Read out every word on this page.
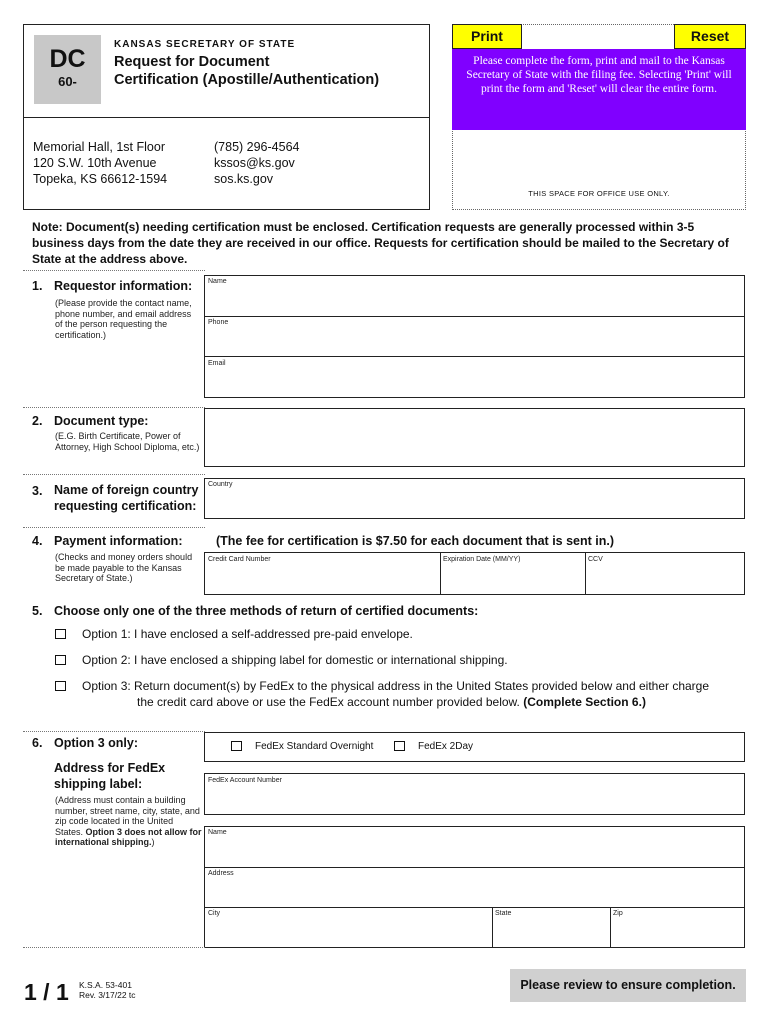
DC
60-
KANSAS SECRETARY OF STATE
Request for Document
Certification (Apostille/Authentication)
Memorial Hall, 1st Floor
120 S.W. 10th Avenue
Topeka, KS 66612-1594
(785) 296-4564
kssos@ks.gov
sos.ks.gov
Print	Reset
Please complete the form, print and mail to the Kansas Secretary of State with the filing fee. Selecting 'Print' will print the form and 'Reset' will clear the entire form.
THIS SPACE FOR OFFICE USE ONLY.
Note: Document(s) needing certification must be enclosed. Certification requests are generally processed within 3-5 business days from the date they are received in our office. Requests for certification should be mailed to the Secretary of State at the address above.
1. Requestor information:
(Please provide the contact name, phone number, and email address of the person requesting the certification.)
Name
Phone
Email
2. Document type:
(E.G. Birth Certificate, Power of Attorney, High School Diploma, etc.)
3. Name of foreign country
requesting certification:
Country
4. Payment information:	(The fee for certification is $7.50 for each document that is sent in.)
(Checks and money orders should be made payable to the Kansas Secretary of State.)
Credit Card Number	Expiration Date (MM/YY)	CCV
5. Choose only one of the three methods of return of certified documents:
Option 1: I have enclosed a self-addressed pre-paid envelope.
Option 2: I have enclosed a shipping label for domestic or international shipping.
Option 3: Return document(s) by FedEx to the physical address in the United States provided below and either charge
the credit card above or use the FedEx account number provided below. (Complete Section 6.)
6. Option 3 only:
Address for FedEx
shipping label:
(Address must contain a building number, street name, city, state, and zip code located in the United States. Option 3 does not allow for international shipping.)
FedEx Standard Overnight	FedEx 2Day
FedEx Account Number
Name
Address
City	State	Zip
1 / 1 K.S.A. 53-401
Rev. 3/17/22 tc
Please review to ensure completion.
